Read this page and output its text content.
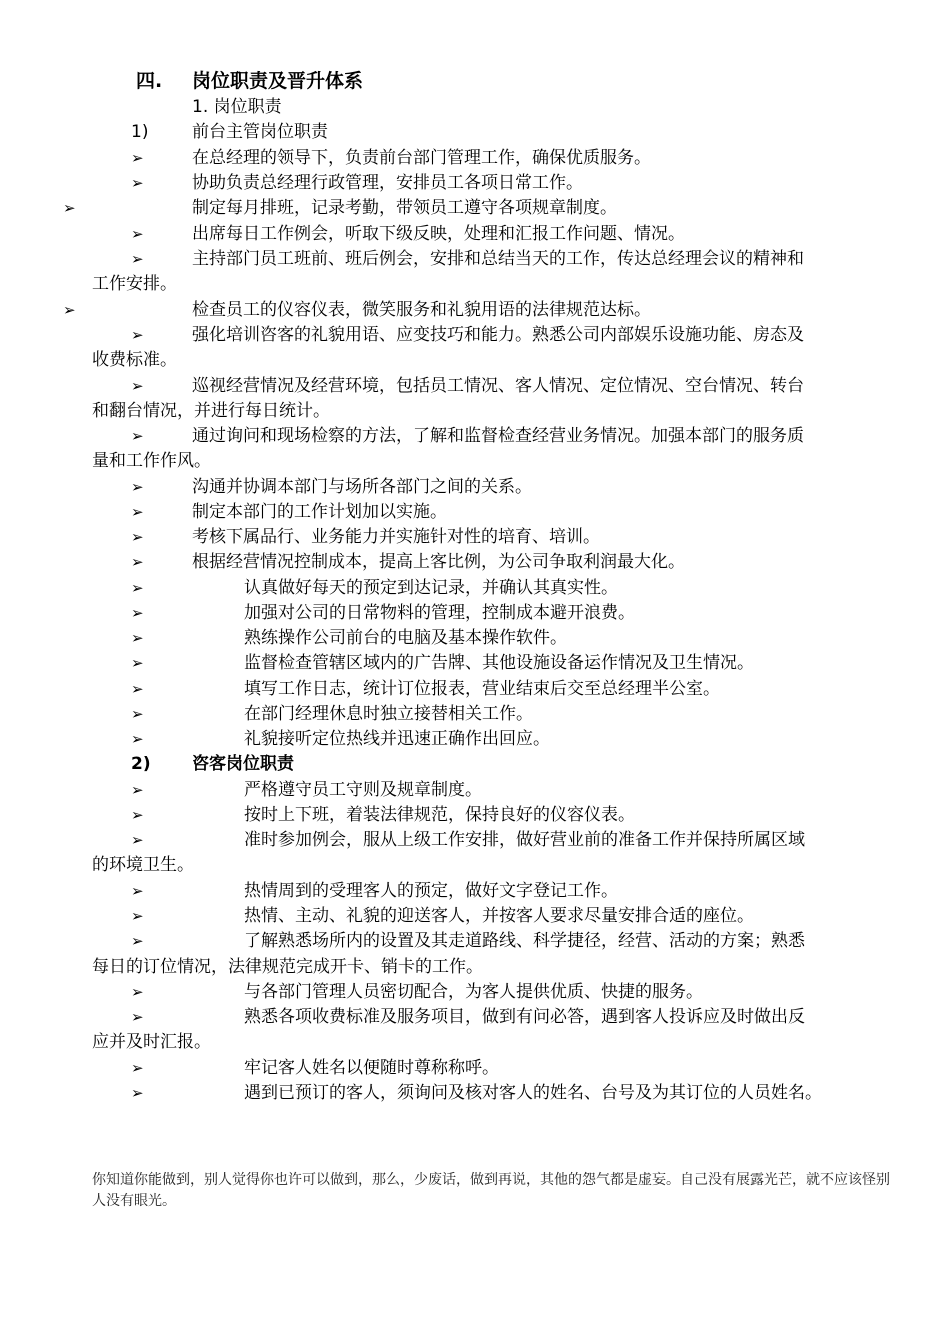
四. 岗位职责及晋升体系
1. 岗位职责
1)	前台主管岗位职责
➢	在总经理的领导下，负责前台部门管理工作，确保优质服务。
➢	协助负责总经理行政管理，安排员工各项日常工作。
➢	制定每月排班，记录考勤，带领员工遵守各项规章制度。
➢	出席每日工作例会，听取下级反映，处理和汇报工作问题、情况。
➢	主持部门员工班前、班后例会，安排和总结当天的工作，传达总经理会议的精神和
工作安排。
➢	检查员工的仪容仪表，微笑服务和礼貌用语的法律规范达标。
➢	强化培训咨客的礼貌用语、应变技巧和能力。熟悉公司内部娱乐设施功能、房态及
收费标准。
➢	巡视经营情况及经营环境，包括员工情况、客人情况、定位情况、空台情况、转台
和翻台情况，并进行每日统计。
➢	通过询问和现场检察的方法，了解和监督检查经营业务情况。加强本部门的服务质
量和工作作风。
➢	沟通并协调本部门与场所各部门之间的关系。
➢	制定本部门的工作计划加以实施。
➢	考核下属品行、业务能力并实施针对性的培育、培训。
➢	根据经营情况控制成本，提高上客比例，为公司争取利润最大化。
➢	认真做好每天的预定到达记录，并确认其真实性。
➢	加强对公司的日常物料的管理，控制成本避开浪费。
➢	熟练操作公司前台的电脑及基本操作软件。
➢	监督检查管辖区域内的广告牌、其他设施设备运作情况及卫生情况。
➢	填写工作日志，统计订位报表，营业结束后交至总经理半公室。
➢	在部门经理休息时独立接替相关工作。
➢	礼貌接听定位热线并迅速正确作出回应。
2) 咨客岗位职责
➢	严格遵守员工守则及规章制度。
➢	按时上下班，着装法律规范，保持良好的仪容仪表。
➢	准时参加例会，服从上级工作安排，做好营业前的准备工作并保持所属区域
的环境卫生。
➢	热情周到的受理客人的预定，做好文字登记工作。
➢	热情、主动、礼貌的迎送客人，并按客人要求尽量安排合适的座位。
➢	了解熟悉场所内的设置及其走道路线、科学捷径，经营、活动的方案；熟悉
每日的订位情况，法律规范完成开卡、销卡的工作。
➢	与各部门管理人员密切配合，为客人提供优质、快捷的服务。
➢	熟悉各项收费标准及服务项目，做到有问必答，遇到客人投诉应及时做出反
应并及时汇报。
➢	牢记客人姓名以便随时尊称称呼。
➢	遇到已预订的客人，须询问及核对客人的姓名、台号及为其订位的人员姓名。
你知道你能做到，别人觉得你也许可以做到，那么，少废话，做到再说，其他的怨气都是虚妄。自己没有展露光芒，就不应该怪别人没有眼光。
